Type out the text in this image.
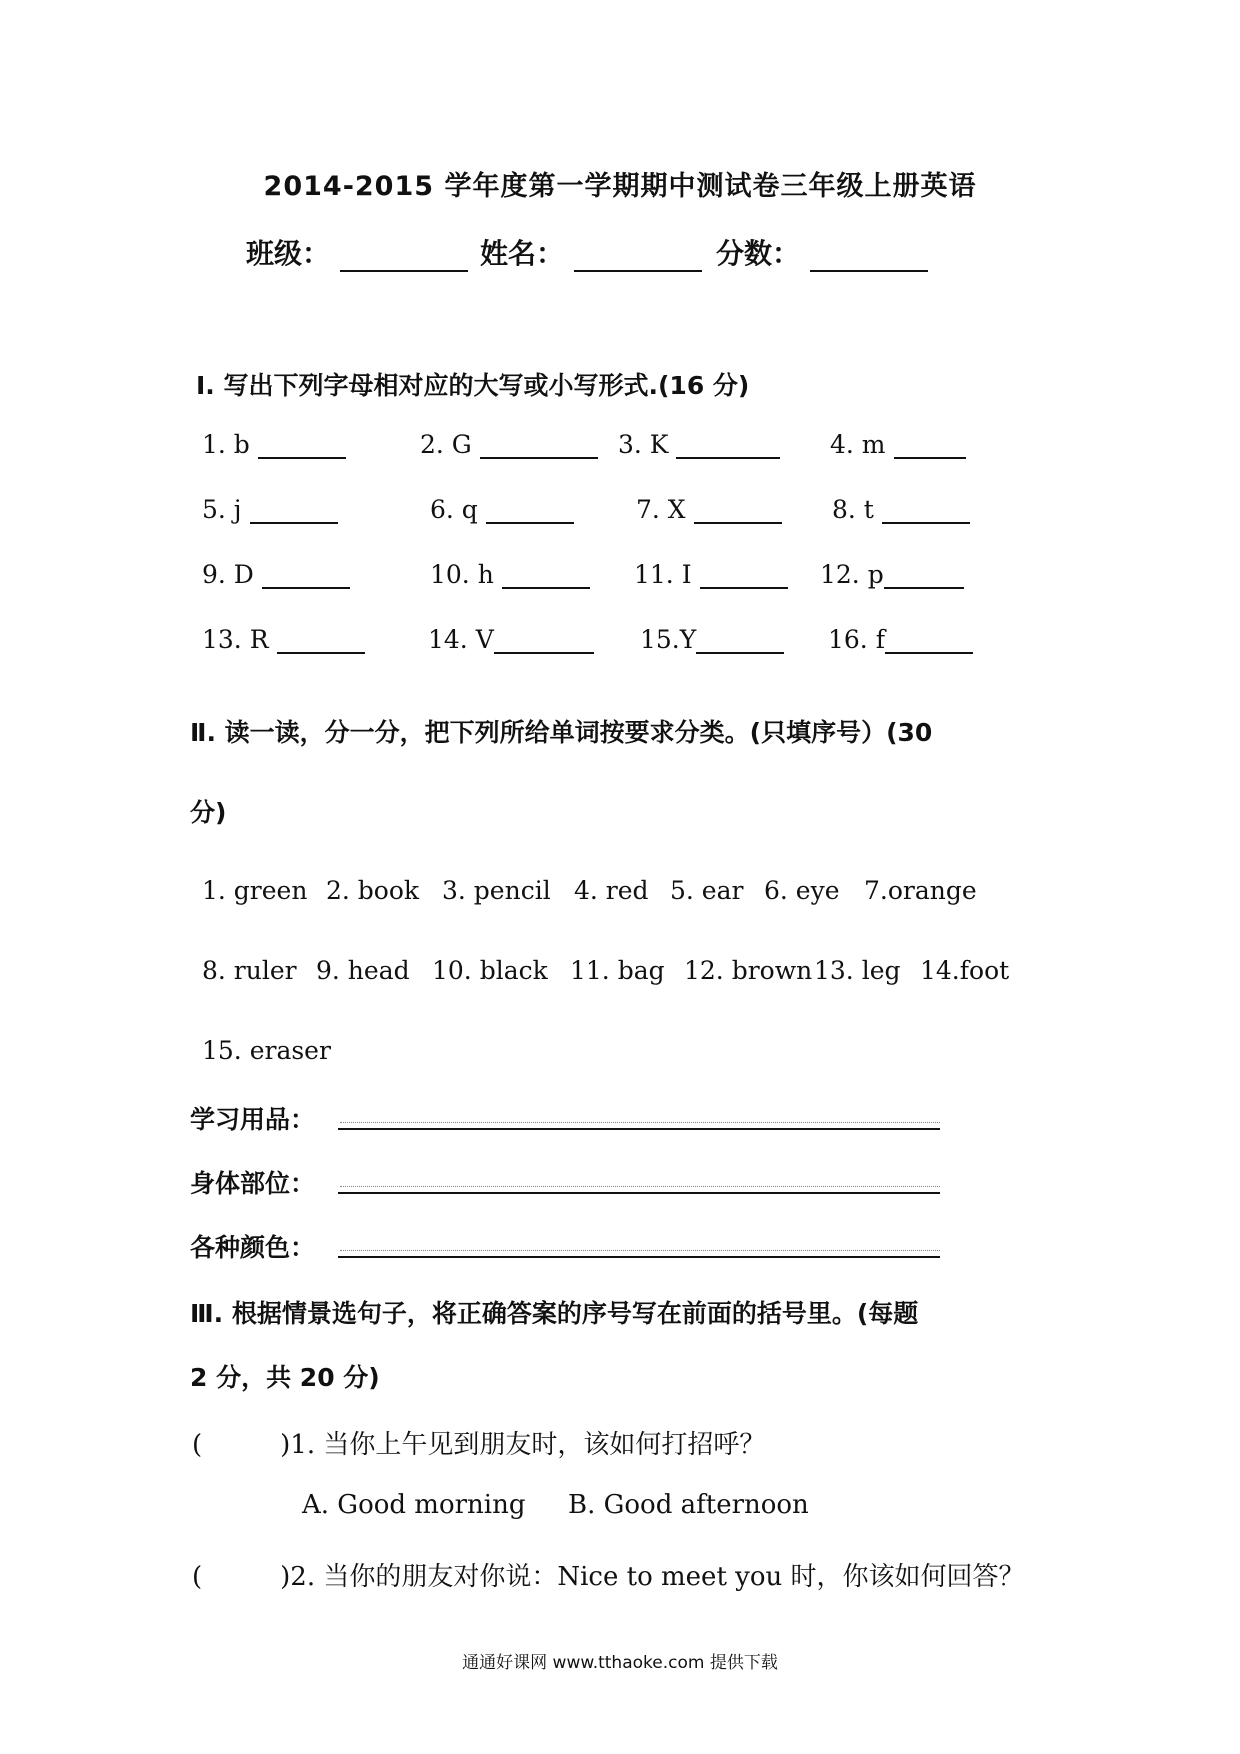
2014-2015 学年度第一学期期中测试卷三年级上册英语
班级：	姓名：	分数：
Ⅰ. 写出下列字母相对应的大写或小写形式.(16 分)
1. b	2. G	3. K	4. m
5. j	6. q	7. X	8. t
9. D	10. h	11. I	12. p
13. R	14. V	15.Y	16. f
Ⅱ. 读一读，分一分，把下列所给单词按要求分类。(只填序号）(30
分)
1. green 2. book 3. pencil 4. red 5. ear 6. eye 7.orange
8. ruler 9. head 10. black 11. bag 12. brown 13. leg 14.foot
15. eraser
学习用品：
身体部位：
各种颜色：
Ⅲ. 根据情景选句子，将正确答案的序号写在前面的括号里。(每题
2 分，共 20 分)
(　　　)1. 当你上午见到朋友时，该如何打招呼？
A. Good morning B. Good afternoon
(　　　)2. 当你的朋友对你说：Nice to meet you 时，你该如何回答？
通通好课网 www.tthaoke.com 提供下载
